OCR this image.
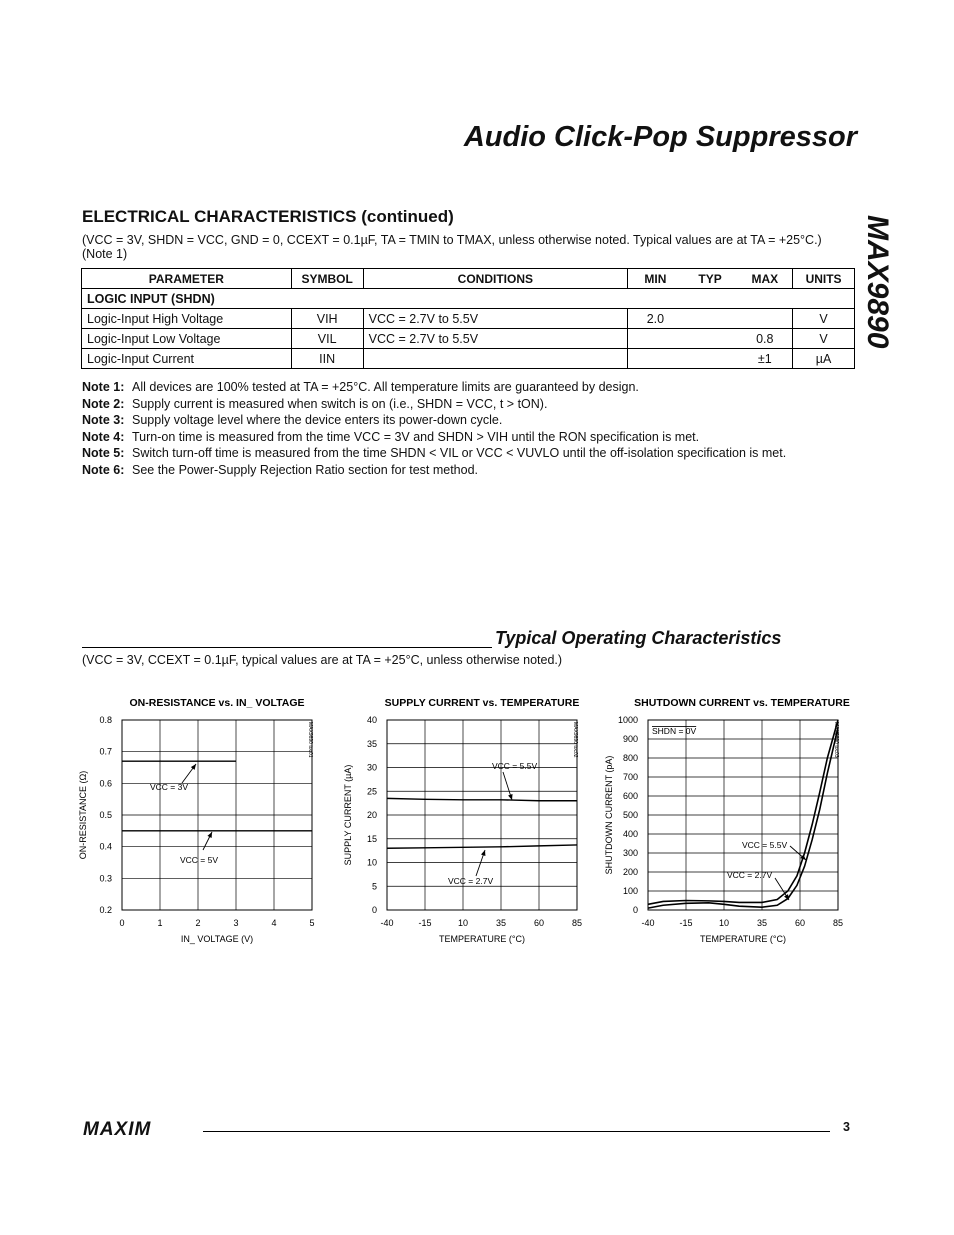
Audio Click-Pop Suppressor
MAX9890
ELECTRICAL CHARACTERISTICS (continued)
(VCC = 3V, SHDN = VCC, GND = 0, CCEXT = 0.1µF, TA = TMIN to TMAX, unless otherwise noted. Typical values are at TA = +25°C.)
(Note 1)
PARAMETER	SYMBOL	CONDITIONS	MIN	TYP	MAX	UNITS
LOGIC INPUT (SHDN)						
Logic-Input High Voltage	VIH	VCC = 2.7V to 5.5V	2.0			V
Logic-Input Low Voltage	VIL	VCC = 2.7V to 5.5V			0.8	V
Logic-Input Current	IIN				±1	µA
Note 1: All devices are 100% tested at TA = +25°C. All temperature limits are guaranteed by design.
Note 2: Supply current is measured when switch is on (i.e., SHDN = VCC, t > tON).
Note 3: Supply voltage level where the device enters its power-down cycle.
Note 4: Turn-on time is measured from the time VCC = 3V and SHDN > VIH until the RON specification is met.
Note 5: Switch turn-off time is measured from the time SHDN < VIL or VCC < VUVLO until the off-isolation specification is met.
Note 6: See the Power-Supply Rejection Ratio section for test method.
Typical Operating Characteristics
(VCC = 3V, CCEXT = 0.1µF, typical values are at TA = +25°C, unless otherwise noted.)
ON-RESISTANCE vs. IN_ VOLTAGE
0	1	2	3	4	5
0.2
0.3
0.4
0.5
0.6
0.7
0.8
IN_ VOLTAGE (V)
ON-RESISTANCE (Ω)
MAX9890 toc01
VCC = 3V
VCC = 5V
SUPPLY CURRENT vs. TEMPERATURE
-40	-15	10	35	60	85
0
5
10
15
20
25
30
35
40
TEMPERATURE (°C)
SUPPLY CURRENT (µA)
MAX9890 toc02
VCC = 5.5V
VCC = 2.7V
SHUTDOWN CURRENT vs. TEMPERATURE
-40	-15	10	35	60	85
0
100
200
300
400
500
600
700
800
900
1000
TEMPERATURE (°C)
SHUTDOWN CURRENT (pA)
MAX9890 toc03
SHDN = 0V
VCC = 5.5V
VCC = 2.7V
MAXIM	3
